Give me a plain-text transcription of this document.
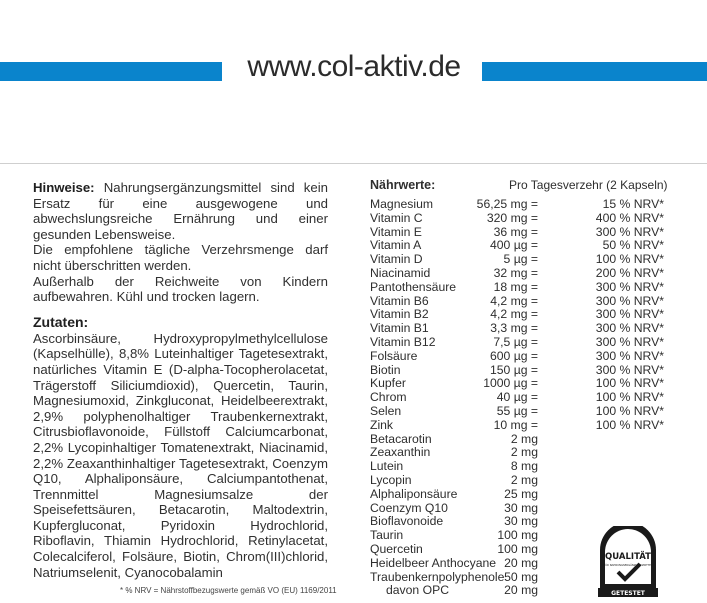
www.col-aktiv.de
Hinweise: Nahrungsergänzungsmittel sind kein Ersatz für eine ausgewogene und abwechslungsreiche Ernährung und einer gesunden Lebensweise.
Die empfohlene tägliche Verzehrsmenge darf nicht überschritten werden.
Außerhalb der Reichweite von Kindern aufbewahren. Kühl und trocken lagern.
Zutaten:
Ascorbinsäure, Hydroxypropylmethylcellulose (Kapselhülle), 8,8% Luteinhaltiger Tagetesextrakt, natürliches Vitamin E (D-alpha-Tocopherolacetat, Trägerstoff Siliciumdioxid), Quercetin, Taurin, Magnesiumoxid, Zinkgluconat, Heidelbeerextrakt, 2,9% polyphenolhaltiger Traubenkernextrakt, Citrusbioflavonoide, Füllstoff Calciumcarbonat, 2,2% Lycopinhaltiger Tomatenextrakt, Niacinamid, 2,2% Zeaxanthinhaltiger Tagetesextrakt, Coenzym Q10, Alphaliponsäure, Calciumpantothenat, Trennmittel Magnesiumsalze der Speisefettsäuren, Betacarotin, Maltodextrin, Kupfergluconat, Pyridoxin Hydrochlorid, Riboflavin, Thiamin Hydrochlorid, Retinylacetat, Colecalciferol, Folsäure, Biotin, Chrom(III)chlorid, Natriumselenit, Cyanocobalamin
* % NRV = Nährstoffbezugswerte gemäß VO (EU) 1169/2011
Nährwerte:	Pro Tagesverzehr (2 Kapseln)
Magnesium	56,25 mg =	15 % NRV*
Vitamin C	320 mg =	400 % NRV*
Vitamin E	36 mg =	300 % NRV*
Vitamin A	400 µg =	50 % NRV*
Vitamin D	5 µg =	100 % NRV*
Niacinamid	32 mg =	200 % NRV*
Pantothensäure	18 mg =	300 % NRV*
Vitamin B6	4,2 mg =	300 % NRV*
Vitamin B2	4,2 mg =	300 % NRV*
Vitamin B1	3,3 mg =	300 % NRV*
Vitamin B12	7,5 µg =	300 % NRV*
Folsäure	600 µg =	300 % NRV*
Biotin	150 µg =	300 % NRV*
Kupfer	1000 µg =	100 % NRV*
Chrom	40 µg =	100 % NRV*
Selen	55 µg =	100 % NRV*
Zink	10 mg =	100 % NRV*
Betacarotin	2 mg
Zeaxanthin	2 mg
Lutein	8 mg
Lycopin	2 mg
Alphaliponsäure	25 mg
Coenzym Q10	30 mg
Bioflavonoide	30 mg
Taurin	100 mg
Quercetin	100 mg
Heidelbeer Anthocyane 20 mg
Traubenkernpolyphenole 50 mg
davon OPC	20 mg
Geprüfte
QUALITÄT
FÜR NAHRUNGSERGÄNZUNGSMITTEL
GETESTET
